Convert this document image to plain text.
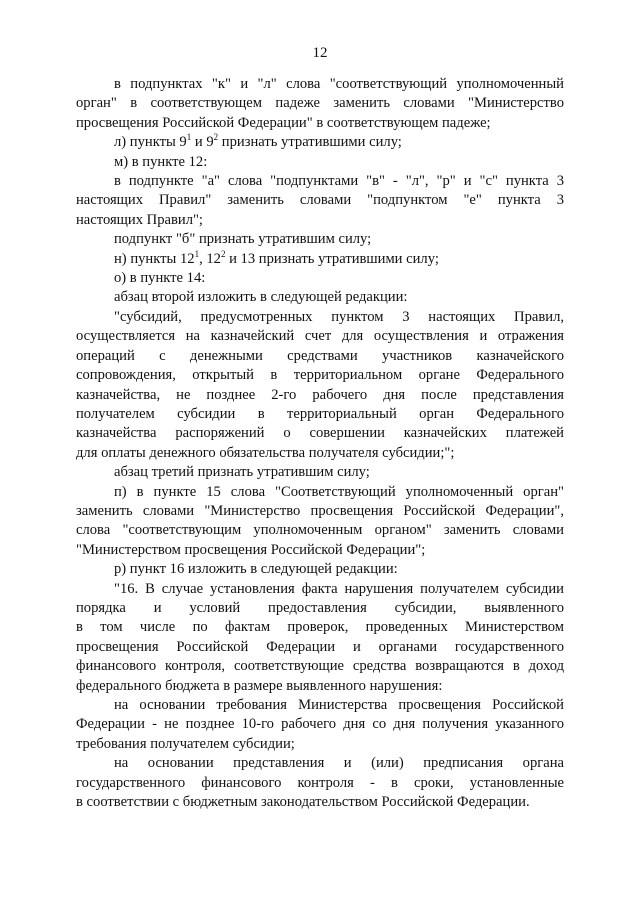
12

в подпунктах "к" и "л" слова "соответствующий уполномоченный

орган" в соответствующем падеже заменить словами "Министерство

просвещения Российской Федерации" в соответствующем падеже;

л) пункты $9^1$ и $9^2$ признать утратившими силу;

м) в пункте 12:

в подпункте "а" слова "подпунктами "в" - "л", "р" и "с" пункта 3

настоящих Правил" заменить словами "подпунктом "е" пункта 3

настоящих Правил";

подпункт "б" признать утратившим силу;

н) пункты $12^1$, $12^2$ и 13 признать утратившими силу;

о) в пункте 14:

абзац второй изложить в следующей редакции:

"субсидий, предусмотренных пунктом 3 настоящих Правил,

осуществляется на казначейский счет для осуществления и отражения

операций с денежными средствами участников казначейского

сопровождения, открытый в территориальном органе Федерального

казначейства, не позднее 2-го рабочего дня после представления

получателем субсидии в территориальный орган Федерального

казначейства распоряжений о совершении казначейских платежей

для оплаты денежного обязательства получателя субсидии;";

абзац третий признать утратившим силу;

п) в пункте 15 слова "Соответствующий уполномоченный орган"

заменить словами "Министерство просвещения Российской Федерации",

слова "соответствующим уполномоченным органом" заменить словами

"Министерством просвещения Российской Федерации";

р) пункт 16 изложить в следующей редакции:

"16. В случае установления факта нарушения получателем субсидии

порядка и условий предоставления субсидии, выявленного

в том числе по фактам проверок, проведенных Министерством

просвещения Российской Федерации и органами государственного

финансового контроля, соответствующие средства возвращаются в доход

федерального бюджета в размере выявленного нарушения:

на основании требования Министерства просвещения Российской

Федерации - не позднее 10-го рабочего дня со дня получения указанного

требования получателем субсидии;

на основании представления и (или) предписания органа

государственного финансового контроля - в сроки, установленные

в соответствии с бюджетным законодательством Российской Федерации.
